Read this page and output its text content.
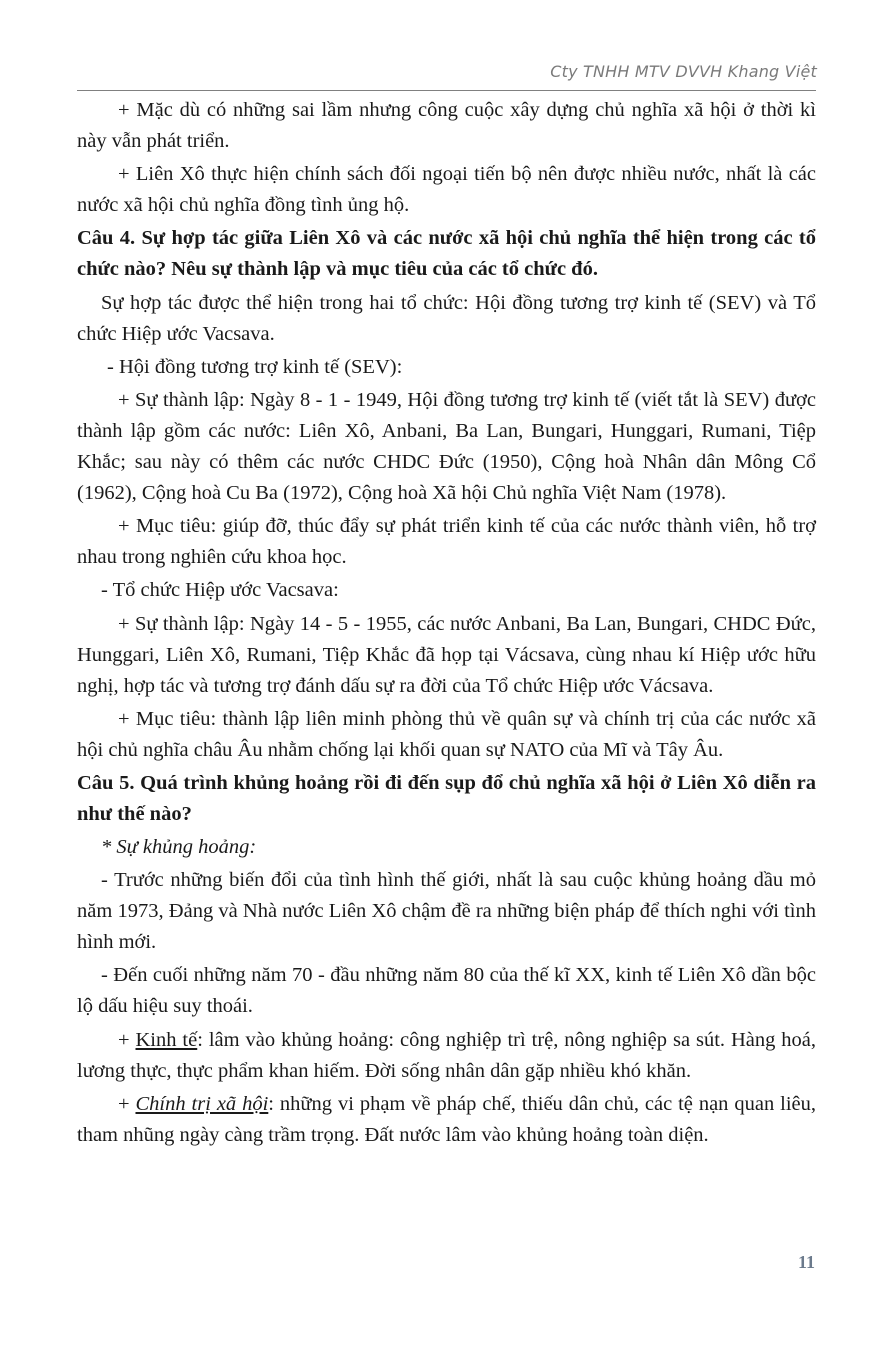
Cty TNHH MTV DVVH Khang Việt

+ Mặc dù có những sai lầm nhưng công cuộc xây dựng chủ nghĩa xã hội ở thời kì này vẫn phát triển.

+ Liên Xô thực hiện chính sách đối ngoại tiến bộ nên được nhiều nước, nhất là các nước xã hội chủ nghĩa đồng tình ủng hộ.

Câu 4. Sự hợp tác giữa Liên Xô và các nước xã hội chủ nghĩa thể hiện trong các tổ chức nào? Nêu sự thành lập và mục tiêu của các tổ chức đó.

Sự hợp tác được thể hiện trong hai tổ chức: Hội đồng tương trợ kinh tế (SEV) và Tổ chức Hiệp ước Vacsava.

- Hội đồng tương trợ kinh tế (SEV):

+ Sự thành lập: Ngày 8 - 1 - 1949, Hội đồng tương trợ kinh tế (viết tắt là SEV) được thành lập gồm các nước: Liên Xô, Anbani, Ba Lan, Bungari, Hunggari, Rumani, Tiệp Khắc; sau này có thêm các nước CHDC Đức (1950), Cộng hoà Nhân dân Mông Cổ (1962), Cộng hoà Cu Ba (1972), Cộng hoà Xã hội Chủ nghĩa Việt Nam (1978).

+ Mục tiêu: giúp đỡ, thúc đẩy sự phát triển kinh tế của các nước thành viên, hỗ trợ nhau trong nghiên cứu khoa học.

- Tổ chức Hiệp ước Vacsava:

+ Sự thành lập: Ngày 14 - 5 - 1955, các nước Anbani, Ba Lan, Bungari, CHDC Đức, Hunggari, Liên Xô, Rumani, Tiệp Khắc đã họp tại Vácsava, cùng nhau kí Hiệp ước hữu nghị, hợp tác và tương trợ đánh dấu sự ra đời của Tổ chức Hiệp ước Vácsava.

+ Mục tiêu: thành lập liên minh phòng thủ về quân sự và chính trị của các nước xã hội chủ nghĩa châu Âu nhằm chống lại khối quan sự NATO của Mĩ và Tây Âu.

Câu 5. Quá trình khủng hoảng rồi đi đến sụp đổ chủ nghĩa xã hội ở Liên Xô diễn ra như thế nào?

* Sự khủng hoảng:

- Trước những biến đổi của tình hình thế giới, nhất là sau cuộc khủng hoảng dầu mỏ năm 1973, Đảng và Nhà nước Liên Xô chậm đề ra những biện pháp để thích nghi với tình hình mới.

- Đến cuối những năm 70 - đầu những năm 80 của thế kĩ XX, kinh tế Liên Xô dần bộc lộ dấu hiệu suy thoái.

+ Kinh tế: lâm vào khủng hoảng: công nghiệp trì trệ, nông nghiệp sa sút. Hàng hoá, lương thực, thực phẩm khan hiếm. Đời sống nhân dân gặp nhiều khó khăn.

+ Chính trị xã hội: những vi phạm về pháp chế, thiếu dân chủ, các tệ nạn quan liêu, tham nhũng ngày càng trầm trọng. Đất nước lâm vào khủng hoảng toàn diện.

11
